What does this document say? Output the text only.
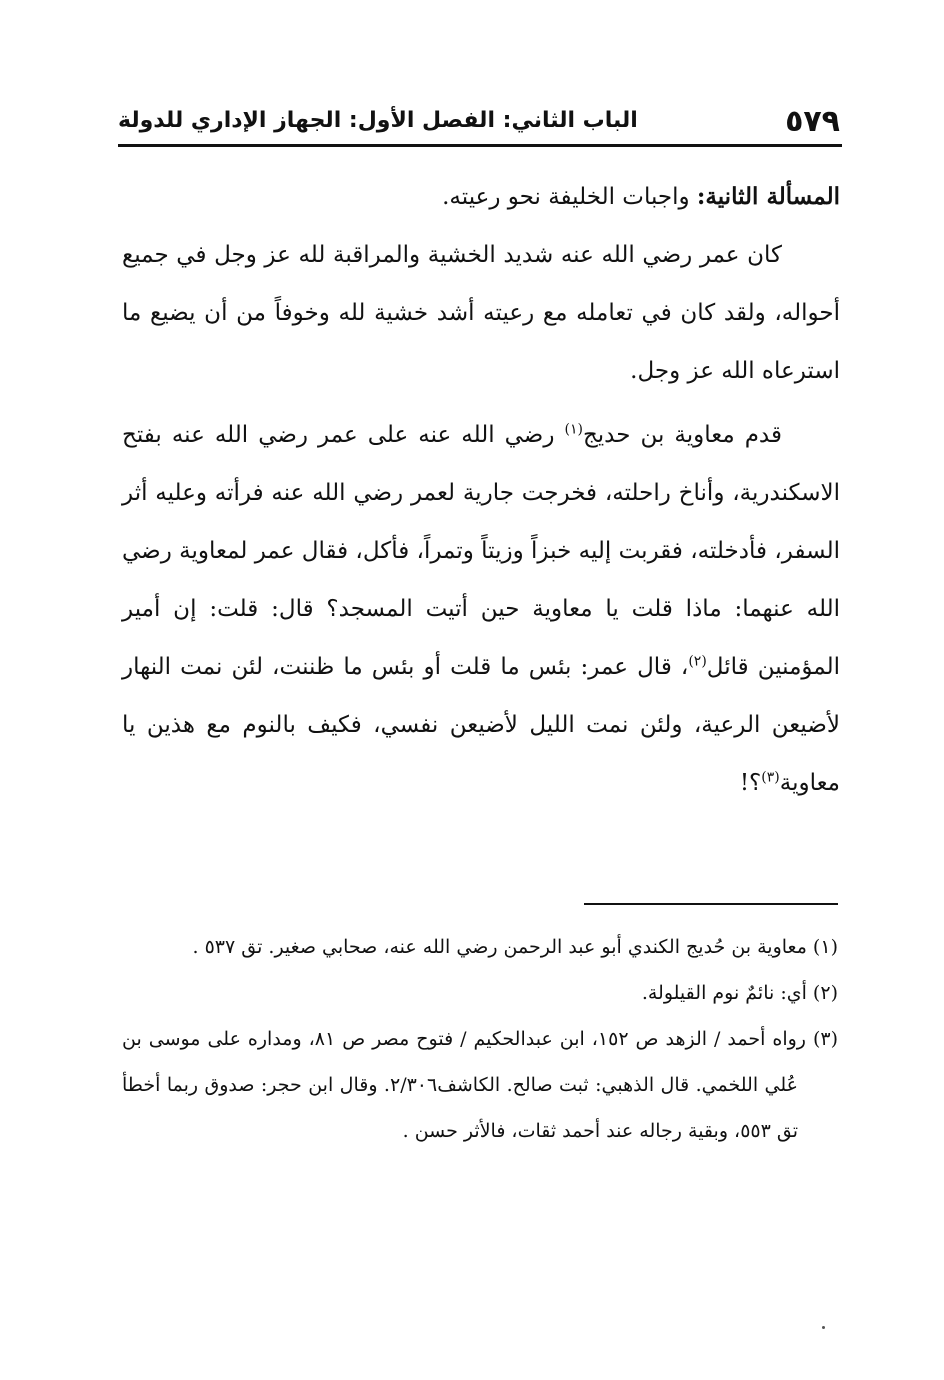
٥٧٩
الباب الثاني: الفصل الأول: الجهاز الإداري للدولة

المسألة الثانية: واجبات الخليفة نحو رعيته.

كان عمر رضي الله عنه شديد الخشية والمراقبة لله عز وجل في جميع أحواله، ولقد كان في تعامله مع رعيته أشد خشية لله وخوفاً من أن يضيع ما استرعاه الله عز وجل.

قدم معاوية بن حديج$^{(١)}$ رضي الله عنه على عمر رضي الله عنه بفتح الاسكندرية، وأناخ راحلته، فخرجت جارية لعمر رضي الله عنه فرأته وعليه أثر السفر، فأدخلته، فقربت إليه خبزاً وزيتاً وتمراً، فأكل، فقال عمر لمعاوية رضي الله عنهما: ماذا قلت يا معاوية حين أتيت المسجد؟ قال: قلت: إن أمير المؤمنين قائل$^{(٢)}$، قال عمر: بئس ما قلت أو بئس ما ظننت، لئن نمت النهار لأضيعن الرعية، ولئن نمت الليل لأضيعن نفسي، فكيف بالنوم مع هذين يا معاوية$^{(٣)}$؟!

(١) معاوية بن حُديج الكندي أبو عبد الرحمن رضي الله عنه، صحابي صغير. تق ٥٣٧ .

(٢) أي: نائمٌ نوم القيلولة.

(٣) رواه أحمد / الزهد ص ١٥٢، ابن عبدالحكيم / فتوح مصر ص ٨١، ومداره على موسى بن عُلي اللخمي. قال الذهبي: ثبت صالح. الكاشف٢/٣٠٦. وقال ابن حجر: صدوق ربما أخطأ تق ٥٥٣، وبقية رجاله عند أحمد ثقات، فالأثر حسن .
